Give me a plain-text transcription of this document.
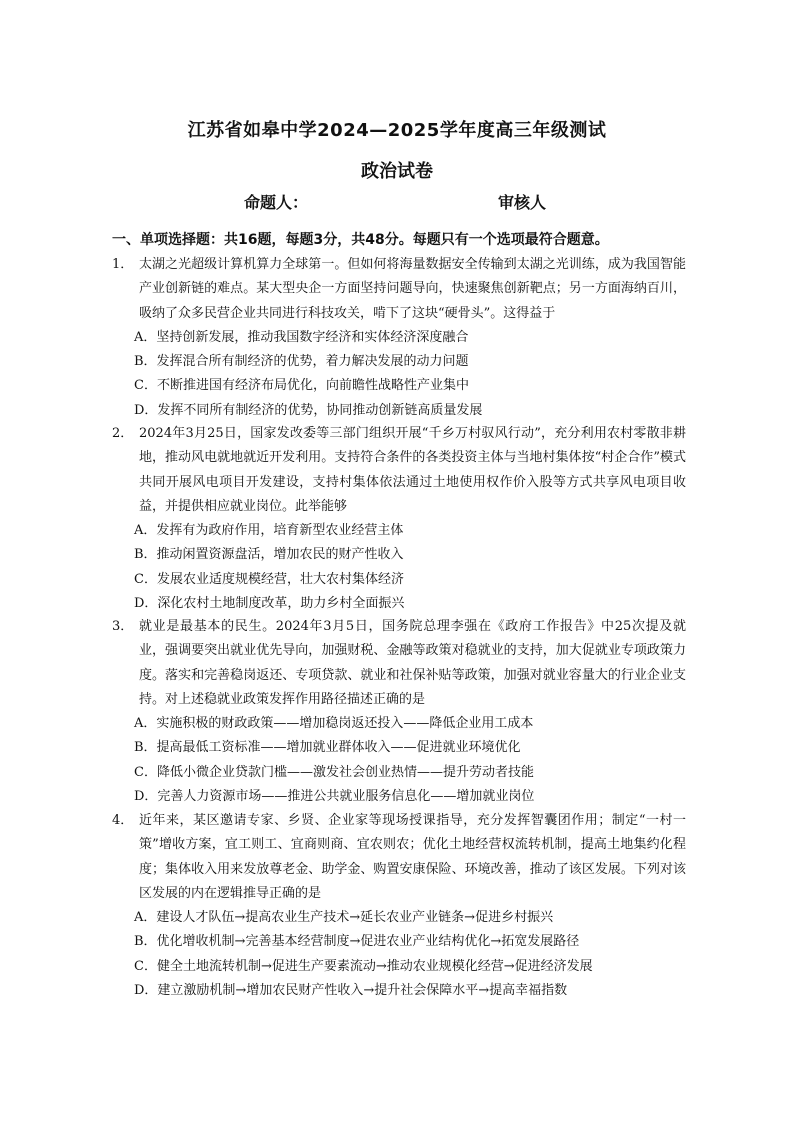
江苏省如皋中学2024—2025学年度高三年级测试
政治试卷
命题人：	审核人
一、单项选择题：共16题，每题3分，共48分。每题只有一个选项最符合题意。
1． 太湖之光超级计算机算力全球第一。但如何将海量数据安全传输到太湖之光训练，成为我国智能产业创新链的难点。某大型央企一方面坚持问题导向，快速聚焦创新靶点；另一方面海纳百川，吸纳了众多民营企业共同进行科技攻关，啃下了这块“硬骨头”。这得益于
A．坚持创新发展，推动我国数字经济和实体经济深度融合
B．发挥混合所有制经济的优势，着力解决发展的动力问题
C．不断推进国有经济布局优化，向前瞻性战略性产业集中
D．发挥不同所有制经济的优势，协同推动创新链高质量发展
2． 2024年3月25日，国家发改委等三部门组织开展“千乡万村驭风行动”，充分利用农村零散非耕地，推动风电就地就近开发利用。支持符合条件的各类投资主体与当地村集体按“村企合作”模式共同开展风电项目开发建设，支持村集体依法通过土地使用权作价入股等方式共享风电项目收益，并提供相应就业岗位。此举能够
A．发挥有为政府作用，培育新型农业经营主体
B．推动闲置资源盘活，增加农民的财产性收入
C．发展农业适度规模经营，壮大农村集体经济
D．深化农村土地制度改革，助力乡村全面振兴
3． 就业是最基本的民生。2024年3月5日，国务院总理李强在《政府工作报告》中25次提及就业，强调要突出就业优先导向，加强财税、金融等政策对稳就业的支持，加大促就业专项政策力度。落实和完善稳岗返还、专项贷款、就业和社保补贴等政策，加强对就业容量大的行业企业支持。对上述稳就业政策发挥作用路径描述正确的是
A．实施积极的财政政策——增加稳岗返还投入——降低企业用工成本
B．提高最低工资标准——增加就业群体收入——促进就业环境优化
C．降低小微企业贷款门槛——激发社会创业热情——提升劳动者技能
D．完善人力资源市场——推进公共就业服务信息化——增加就业岗位
4． 近年来，某区邀请专家、乡贤、企业家等现场授课指导，充分发挥智囊团作用；制定“一村一策”增收方案，宜工则工、宜商则商、宜农则农；优化土地经营权流转机制，提高土地集约化程度；集体收入用来发放尊老金、助学金、购置安康保险、环境改善，推动了该区发展。下列对该区发展的内在逻辑推导正确的是
A．建设人才队伍→提高农业生产技术→延长农业产业链条→促进乡村振兴
B．优化增收机制→完善基本经营制度→促进农业产业结构优化→拓宽发展路径
C．健全土地流转机制→促进生产要素流动→推动农业规模化经营→促进经济发展
D．建立激励机制→增加农民财产性收入→提升社会保障水平→提高幸福指数
